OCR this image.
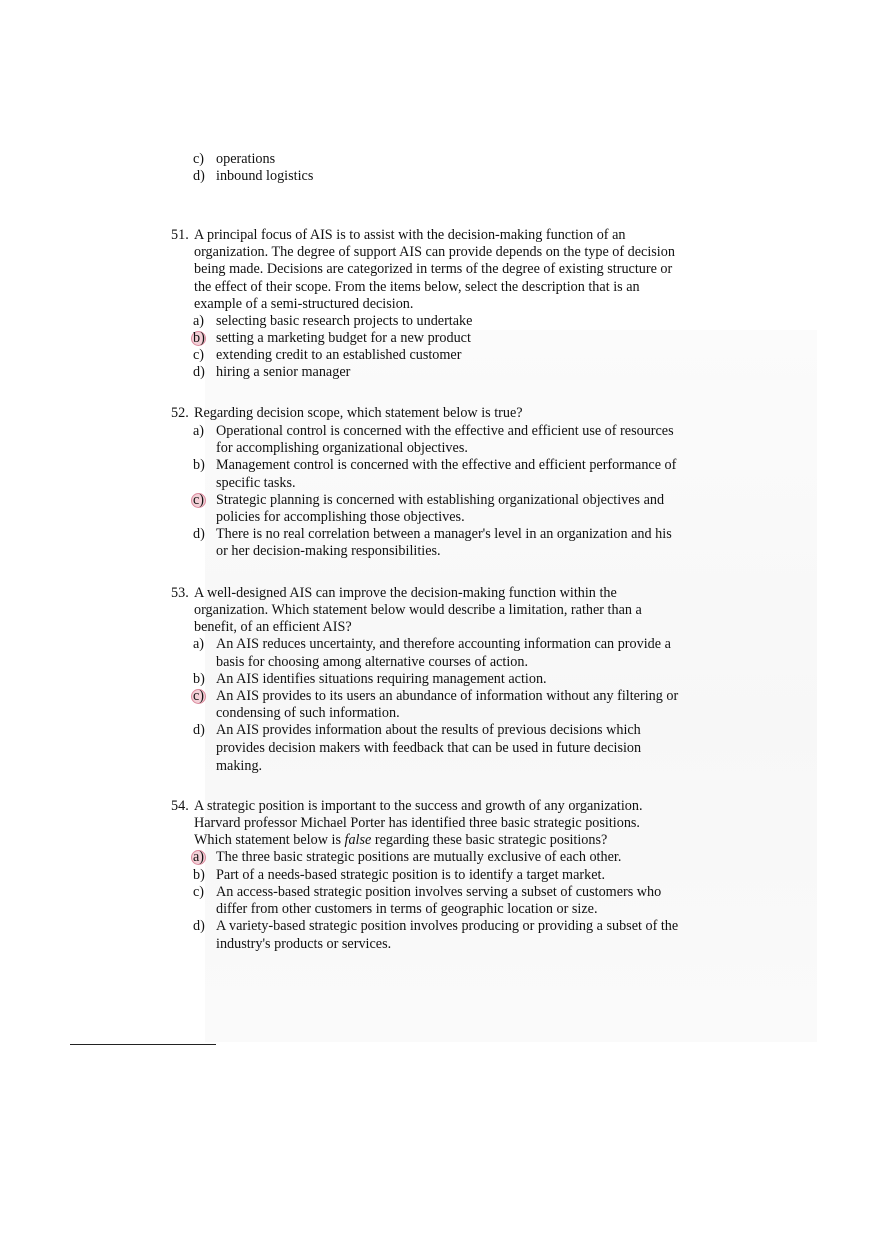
c) operations
d) inbound logistics
51. A principal focus of AIS is to assist with the decision-making function of an
organization. The degree of support AIS can provide depends on the type of decision
being made. Decisions are categorized in terms of the degree of existing structure or
the effect of their scope. From the items below, select the description that is an
example of a semi-structured decision.
a) selecting basic research projects to undertake
b) setting a marketing budget for a new product
c) extending credit to an established customer
d) hiring a senior manager
52. Regarding decision scope, which statement below is true?
a) Operational control is concerned with the effective and efficient use of resources
for accomplishing organizational objectives.
b) Management control is concerned with the effective and efficient performance of
specific tasks.
c) Strategic planning is concerned with establishing organizational objectives and
policies for accomplishing those objectives.
d) There is no real correlation between a manager's level in an organization and his
or her decision-making responsibilities.
53. A well-designed AIS can improve the decision-making function within the
organization. Which statement below would describe a limitation, rather than a
benefit, of an efficient AIS?
a) An AIS reduces uncertainty, and therefore accounting information can provide a
basis for choosing among alternative courses of action.
b) An AIS identifies situations requiring management action.
c) An AIS provides to its users an abundance of information without any filtering or
condensing of such information.
d) An AIS provides information about the results of previous decisions which
provides decision makers with feedback that can be used in future decision
making.
54. A strategic position is important to the success and growth of any organization.
Harvard professor Michael Porter has identified three basic strategic positions.
Which statement below is false regarding these basic strategic positions?
a) The three basic strategic positions are mutually exclusive of each other.
b) Part of a needs-based strategic position is to identify a target market.
c) An access-based strategic position involves serving a subset of customers who
differ from other customers in terms of geographic location or size.
d) A variety-based strategic position involves producing or providing a subset of the
industry's products or services.
